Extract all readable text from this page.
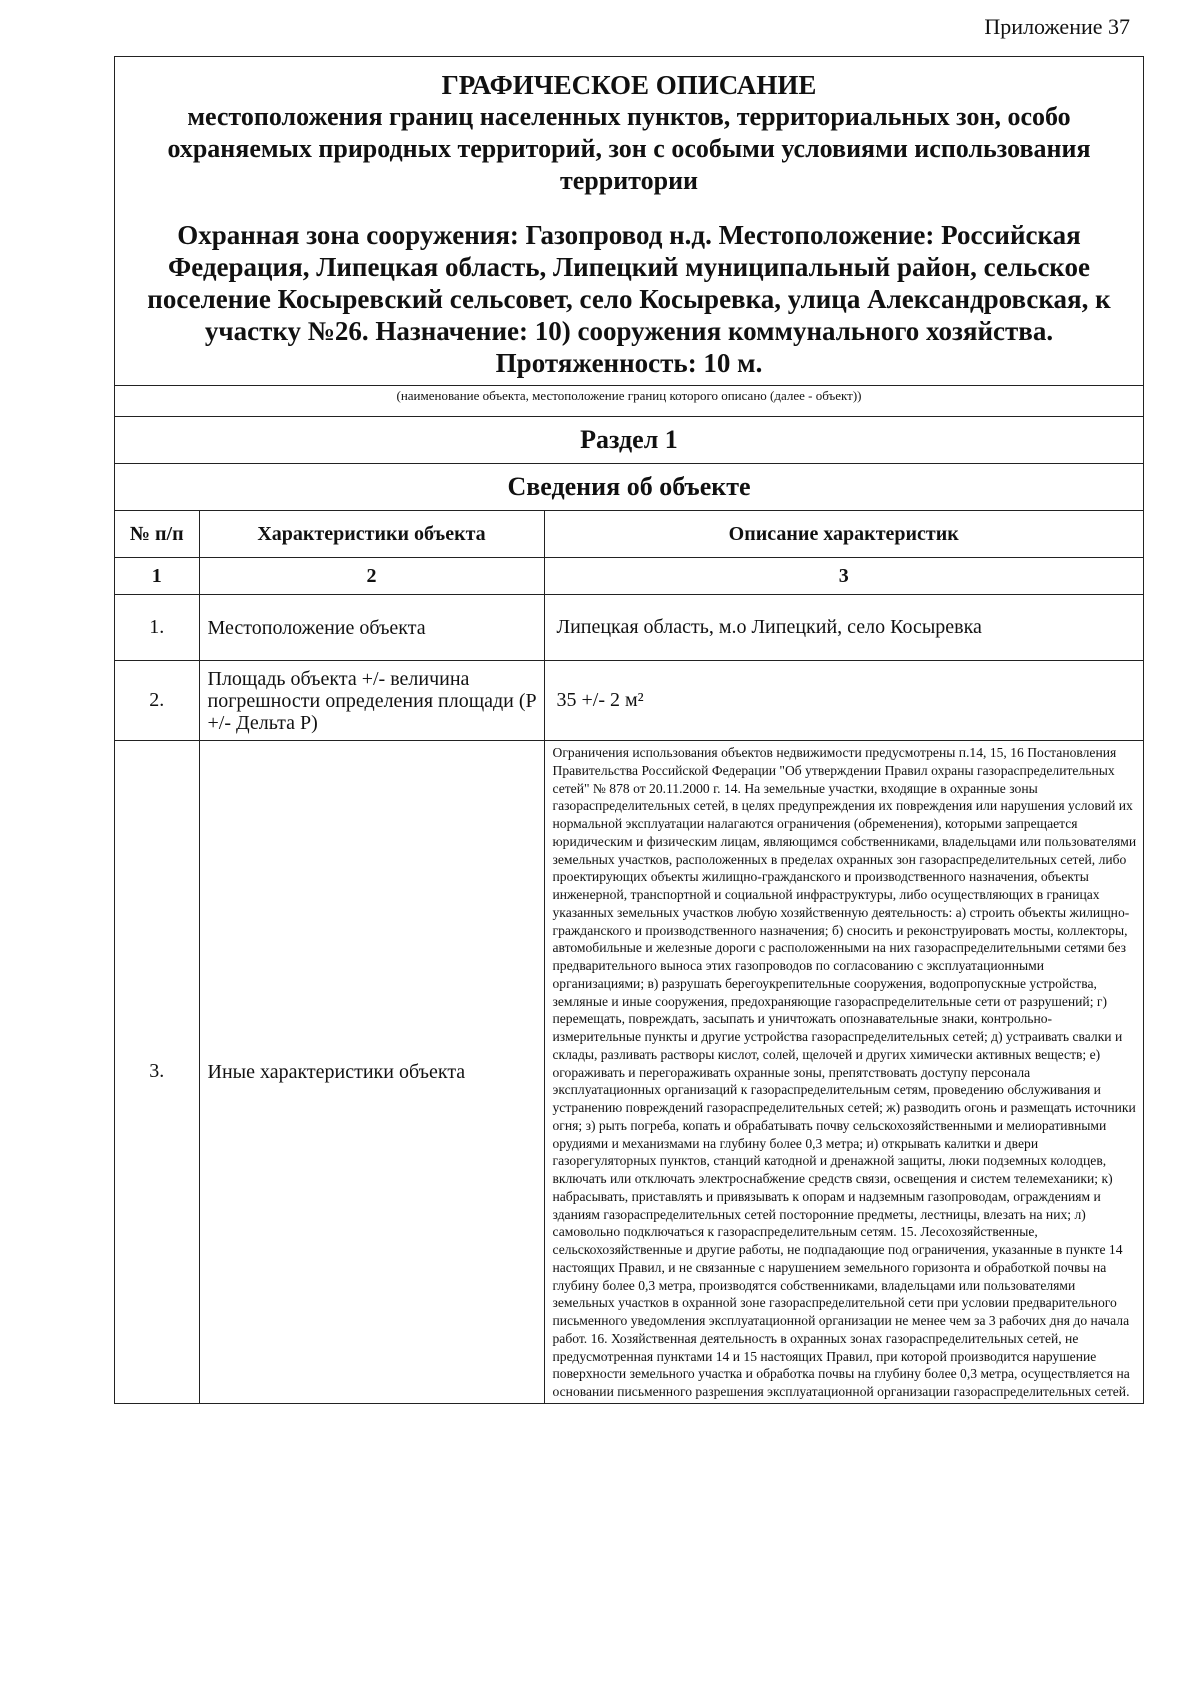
Приложение 37
ГРАФИЧЕСКОЕ ОПИСАНИЕ
местоположения границ населенных пунктов, территориальных зон, особо охраняемых природных территорий, зон с особыми условиями использования территории
Охранная зона сооружения: Газопровод н.д. Местоположение: Российская Федерация, Липецкая область, Липецкий муниципальный район, сельское поселение Косыревский сельсовет, село Косыревка, улица Александровская, к участку №26. Назначение: 10) сооружения коммунального хозяйства. Протяженность: 10 м.
(наименование объекта, местоположение границ которого описано (далее - объект))
Раздел 1		
Сведения об объекте		
№ п/п	Характеристики объекта	Описание характеристик
1	2	3
1.	Местоположение объекта	Липецкая область, м.о Липецкий, село Косыревка
2.	Площадь объекта +/- величина погрешности определения площади (P +/- Дельта P)	35 +/- 2 м²
3.	Иные характеристики объекта	Ограничения использования объектов недвижимости предусмотрены п.14, 15, 16 Постановления Правительства Российской Федерации "Об утверждении Правил охраны газораспределительных сетей" № 878 от 20.11.2000 г. 14. На земельные участки, входящие в охранные зоны газораспределительных сетей, в целях предупреждения их повреждения или нарушения условий их нормальной эксплуатации налагаются ограничения (обременения), которыми запрещается юридическим и физическим лицам, являющимся собственниками, владельцами или пользователями земельных участков, расположенных в пределах охранных зон газораспределительных сетей, либо проектирующих объекты жилищно-гражданского и производственного назначения, объекты инженерной, транспортной и социальной инфраструктуры, либо осуществляющих в границах указанных земельных участков любую хозяйственную деятельность: а) строить объекты жилищно-гражданского и производственного назначения; б) сносить и реконструировать мосты, коллекторы, автомобильные и железные дороги с расположенными на них газораспределительными сетями без предварительного выноса этих газопроводов по согласованию с эксплуатационными организациями; в) разрушать берегоукрепительные сооружения, водопропускные устройства, земляные и иные сооружения, предохраняющие газораспределительные сети от разрушений; г) перемещать, повреждать, засыпать и уничтожать опознавательные знаки, контрольно-измерительные пункты и другие устройства газораспределительных сетей; д) устраивать свалки и склады, разливать растворы кислот, солей, щелочей и других химически активных веществ; е) огораживать и перегораживать охранные зоны, препятствовать доступу персонала эксплуатационных организаций к газораспределительным сетям, проведению обслуживания и устранению повреждений газораспределительных сетей; ж) разводить огонь и размещать источники огня; з) рыть погреба, копать и обрабатывать почву сельскохозяйственными и мелиоративными орудиями и механизмами на глубину более 0,3 метра; и) открывать калитки и двери газорегуляторных пунктов, станций катодной и дренажной защиты, люки подземных колодцев, включать или отключать электроснабжение средств связи, освещения и систем телемеханики; к) набрасывать, приставлять и привязывать к опорам и надземным газопроводам, ограждениям и зданиям газораспределительных сетей посторонние предметы, лестницы, влезать на них; л) самовольно подключаться к газораспределительным сетям. 15. Лесохозяйственные, сельскохозяйственные и другие работы, не подпадающие под ограничения, указанные в пункте 14 настоящих Правил, и не связанные с нарушением земельного горизонта и обработкой почвы на глубину более 0,3 метра, производятся собственниками, владельцами или пользователями земельных участков в охранной зоне газораспределительной сети при условии предварительного письменного уведомления эксплуатационной организации не менее чем за 3 рабочих дня до начала работ. 16. Хозяйственная деятельность в охранных зонах газораспределительных сетей, не предусмотренная пунктами 14 и 15 настоящих Правил, при которой производится нарушение поверхности земельного участка и обработка почвы на глубину более 0,3 метра, осуществляется на основании письменного разрешения эксплуатационной организации газораспределительных сетей.
